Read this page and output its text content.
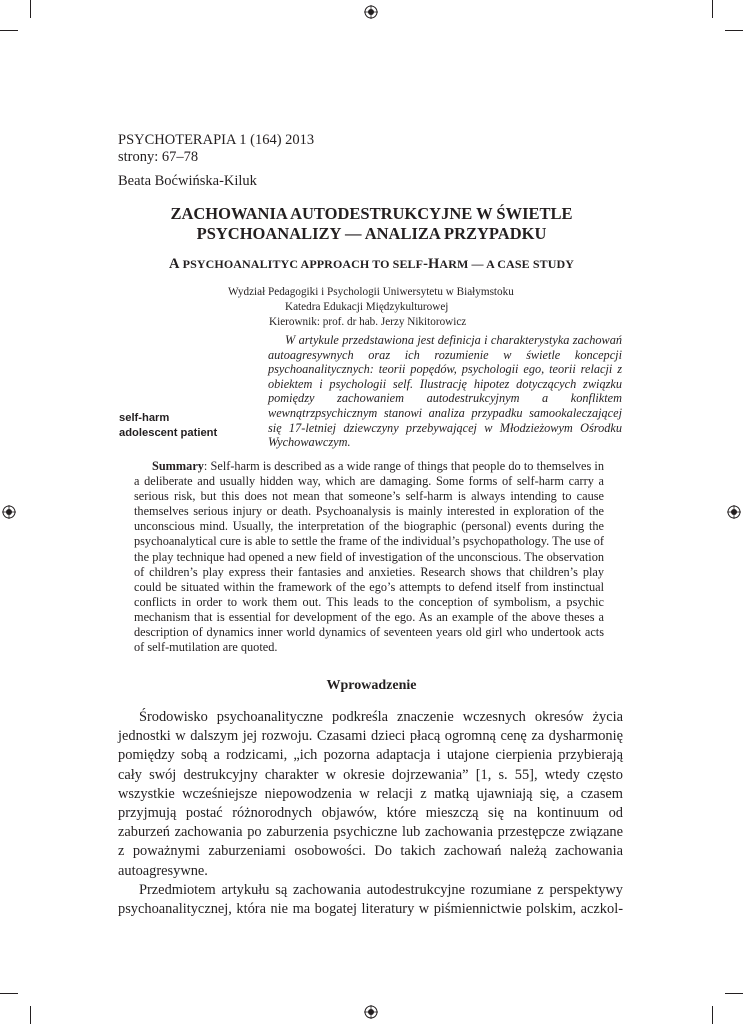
PSYCHOTERAPIA 1 (164) 2013
strony: 67–78
Beata Boćwińska-Kiluk
ZACHOWANIA AUTODESTRUKCYJNE W ŚWIETLE
PSYCHOANALIZY — ANALIZA PRZYPADKU
A PSYCHOANALITYC APPROACH TO SELF-HARM — A CASE STUDY
Wydział Pedagogiki i Psychologii Uniwersytetu w Białymstoku
Katedra Edukacji Międzykulturowej
Kierownik: prof. dr hab. Jerzy Nikitorowicz
W artykule przedstawiona jest definicja i charakterystyka zachowań autoagresywnych oraz ich rozumienie w świetle koncepcji psychoanalitycznych: teorii popędów, psychologii ego, teorii relacji z obiektem i psychologii self. Ilustrację hipotez dotyczących związku pomiędzy zachowaniem autodestrukcyjnym a konfliktem wewnątrzpsychicznym stanowi analiza przypadku samookaleczającej się 17-letniej dziewczyny przebywającej w Młodzieżowym Ośrodku Wychowawczym.
self-harm
adolescent patient

Summary: Self-harm is described as a wide range of things that people do to themselves in a deliberate and usually hidden way, which are damaging. Some forms of self-harm carry a serious risk, but this does not mean that someone’s self-harm is always intending to cause themselves serious injury or death. Psychoanalysis is mainly interested in exploration of the unconscious mind. Usually, the interpretation of the biographic (personal) events during the psychoanalytical cure is able to settle the frame of the individual’s psychopathology. The use of the play technique had opened a new field of investigation of the unconscious. The observation of children’s play express their fantasies and anxieties. Research shows that children’s play could be situated within the framework of the ego’s attempts to defend itself from instinctual conflicts in order to work them out. This leads to the conception of symbolism, a psychic mechanism that is essential for development of the ego. As an example of the above theses a description of dynamics inner world dynamics of seventeen years old girl who undertook acts of self-mutilation are quoted.

Wprowadzenie

Środowisko psychoanalityczne podkreśla znaczenie wczesnych okresów życia jednostki w dalszym jej rozwoju. Czasami dzieci płacą ogromną cenę za dysharmonię pomiędzy sobą a rodzicami, „ich pozorna adaptacja i utajone cierpienia przybierają cały swój destrukcyjny charakter w okresie dojrzewania” [1, s. 55], wtedy często wszystkie wcześniejsze niepowodzenia w relacji z matką ujawniają się, a czasem przyjmują postać różnorodnych objawów, które mieszczą się na kontinuum od zaburzeń zachowania po zaburzenia psychiczne lub zachowania przestępcze związane z poważnymi zaburzeniami osobowości. Do takich zachowań należą zachowania autoagresywne.

Przedmiotem artykułu są zachowania autodestrukcyjne rozumiane z perspektywy psychoanalitycznej, która nie ma bogatej literatury w piśmiennictwie polskim, aczkol-
